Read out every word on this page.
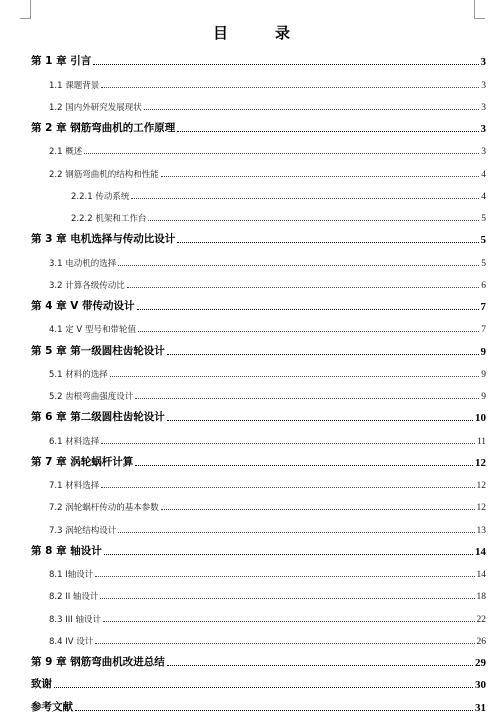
目　录
第 1 章 引言	3
1.1 课题背景	3
1.2 国内外研究发展现状	3
第 2 章 钢筋弯曲机的工作原理	3
2.1 概述	3
2.2 钢筋弯曲机的结构和性能	4
2.2.1 传动系统	4
2.2.2 机架和工作台	5
第 3 章 电机选择与传动比设计	5
3.1 电动机的选择	5
3.2 计算各级传动比	6
第 4 章 V 带传动设计	7
4.1 定 V 型号和带轮值	7
第 5 章 第一级圆柱齿轮设计	9
5.1 材料的选择	9
5.2 齿根弯曲强度设计	9
第 6 章 第二级圆柱齿轮设计	10
6.1 材料选择	11
第 7 章 涡轮蜗杆计算	12
7.1 材料选择	12
7.2 涡轮蜗杆传动的基本参数	12
7.3 涡轮结构设计	13
第 8 章 轴设计	14
8.1 Ⅰ轴设计	14
8.2 II 轴设计	18
8.3 III 轴设计	22
8.4 IV 设计	26
第 9 章 钢筋弯曲机改进总结	29
致谢	30
参考文献	31
